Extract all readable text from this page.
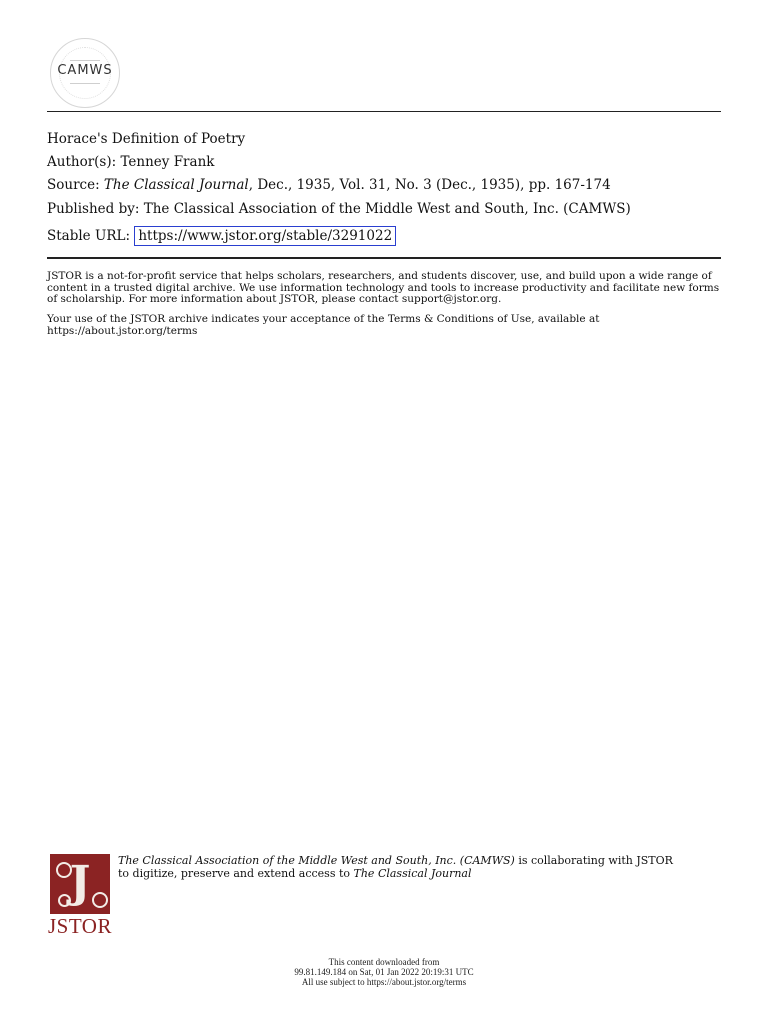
CAMWS
Horace's Definition of Poetry
Author(s): Tenney Frank
Source: The Classical Journal, Dec., 1935, Vol. 31, No. 3 (Dec., 1935), pp. 167-174
Published by: The Classical Association of the Middle West and South, Inc. (CAMWS)
Stable URL: https://www.jstor.org/stable/3291022
JSTOR is a not-for-profit service that helps scholars, researchers, and students discover, use, and build upon a wide range of content in a trusted digital archive. We use information technology and tools to increase productivity and facilitate new forms of scholarship. For more information about JSTOR, please contact support@jstor.org.
Your use of the JSTOR archive indicates your acceptance of the Terms & Conditions of Use, available at https://about.jstor.org/terms
J
JSTOR
The Classical Association of the Middle West and South, Inc. (CAMWS) is collaborating with JSTOR to digitize, preserve and extend access to The Classical Journal
This content downloaded from
99.81.149.184 on Sat, 01 Jan 2022 20:19:31 UTC
All use subject to https://about.jstor.org/terms
